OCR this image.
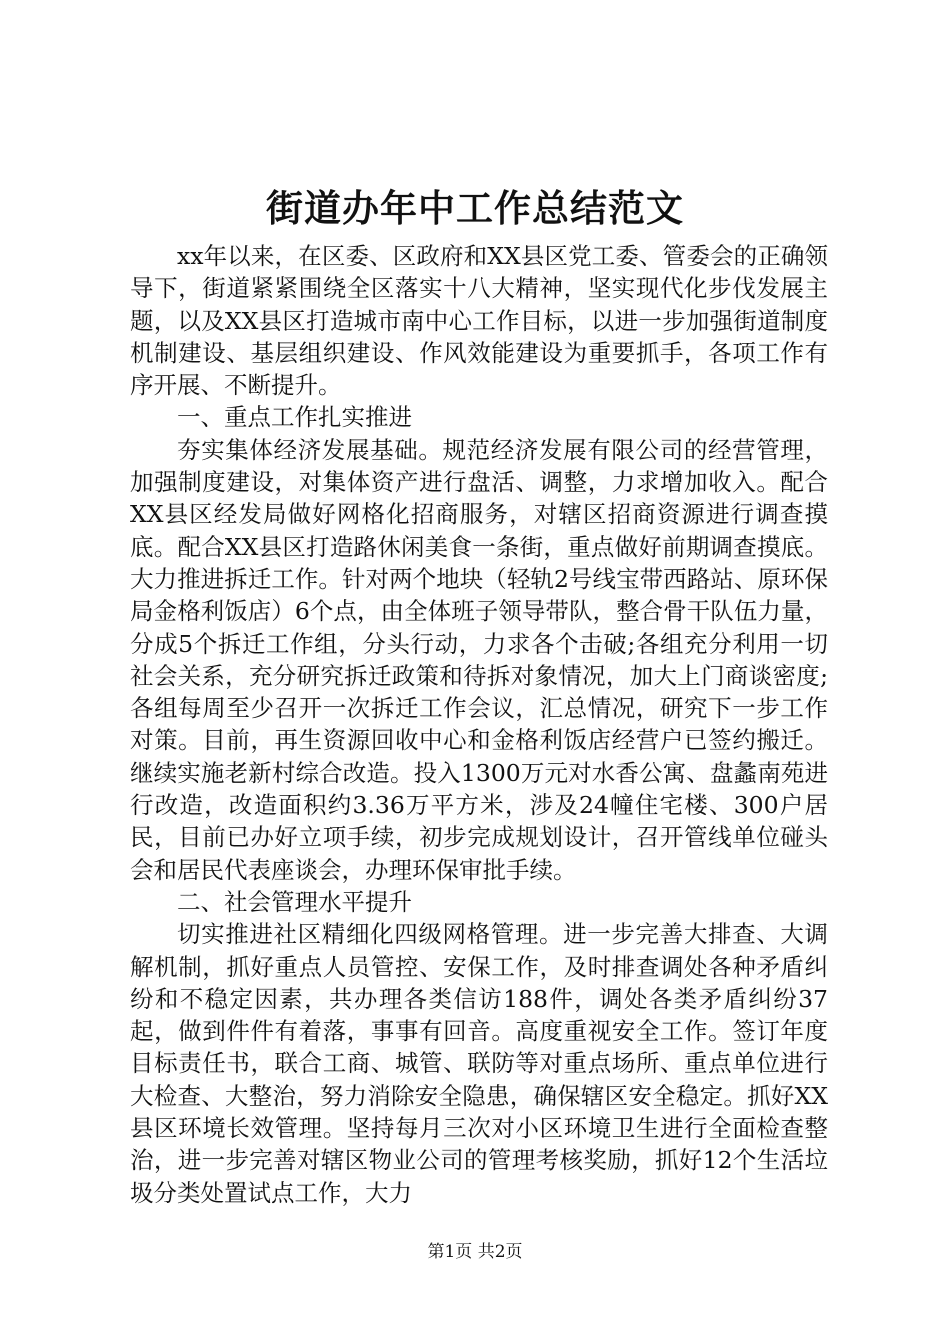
街道办年中工作总结范文

xx年以来，在区委、区政府和XX县区党工委、管委会的正确领导下，街道紧紧围绕全区落实十八大精神，坚实现代化步伐发展主题，以及XX县区打造城市南中心工作目标，以进一步加强街道制度机制建设、基层组织建设、作风效能建设为重要抓手，各项工作有序开展、不断提升。

一、重点工作扎实推进

夯实集体经济发展基础。规范经济发展有限公司的经营管理，加强制度建设，对集体资产进行盘活、调整，力求增加收入。配合XX县区经发局做好网格化招商服务，对辖区招商资源进行调查摸底。配合XX县区打造路休闲美食一条街，重点做好前期调查摸底。大力推进拆迁工作。针对两个地块（轻轨2号线宝带西路站、原环保局金格利饭店）6个点，由全体班子领导带队，整合骨干队伍力量，分成5个拆迁工作组，分头行动，力求各个击破;各组充分利用一切社会关系，充分研究拆迁政策和待拆对象情况，加大上门商谈密度;各组每周至少召开一次拆迁工作会议，汇总情况，研究下一步工作对策。目前，再生资源回收中心和金格利饭店经营户已签约搬迁。继续实施老新村综合改造。投入1300万元对水香公寓、盘蠡南苑进行改造，改造面积约3.36万平方米，涉及24幢住宅楼、300户居民，目前已办好立项手续，初步完成规划设计，召开管线单位碰头会和居民代表座谈会，办理环保审批手续。

二、社会管理水平提升

切实推进社区精细化四级网格管理。进一步完善大排查、大调解机制，抓好重点人员管控、安保工作，及时排查调处各种矛盾纠纷和不稳定因素，共办理各类信访188件，调处各类矛盾纠纷37起，做到件件有着落，事事有回音。高度重视安全工作。签订年度目标责任书，联合工商、城管、联防等对重点场所、重点单位进行大检查、大整治，努力消除安全隐患，确保辖区安全稳定。抓好XX县区环境长效管理。坚持每月三次对小区环境卫生进行全面检查整治，进一步完善对辖区物业公司的管理考核奖励，抓好12个生活垃圾分类处置试点工作，大力

第1页 共2页
